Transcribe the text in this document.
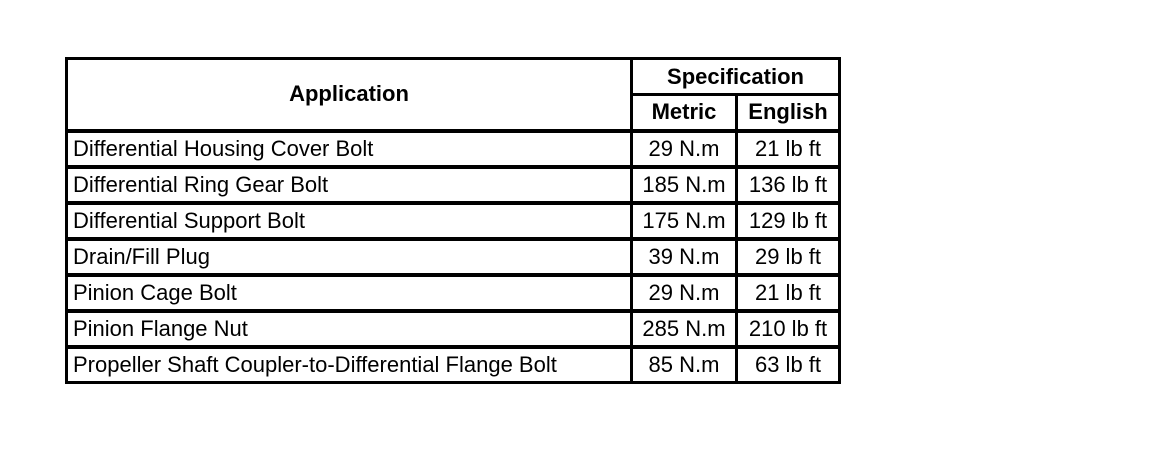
Application	Specification	
	Metric	English
Differential Housing Cover Bolt	29 N.m	21 lb ft
Differential Ring Gear Bolt	185 N.m	136 lb ft
Differential Support Bolt	175 N.m	129 lb ft
Drain/Fill Plug	39 N.m	29 lb ft
Pinion Cage Bolt	29 N.m	21 lb ft
Pinion Flange Nut	285 N.m	210 lb ft
Propeller Shaft Coupler-to-Differential Flange Bolt	85 N.m	63 lb ft
